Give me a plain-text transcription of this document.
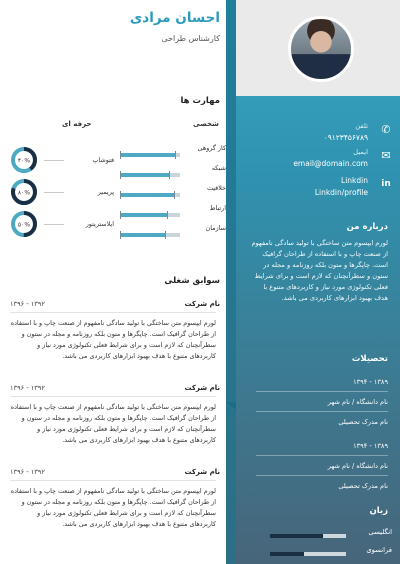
✆
تلفن
۰۹۱۲۳۴۵۶۷۸۹
✉
ایمیل
email@domain.com
in
Linkdin
Linkdin/profile
درباره من
لورم ایپسوم متن ساختگی با تولید سادگی نامفهوم از صنعت چاپ و با استفاده از طراحان گرافیک است. چاپگرها و متون بلکه روزنامه و مجله در ستون و سطرآنچنان که لازم است و برای شرایط فعلی تکنولوژی مورد نیاز و کاربردهای متنوع با هدف بهبود ابزارهای کاربردی می باشد.
تحصیلات
۱۳۹۴ - ۱۳۸۹
نام دانشگاه / نام شهر
نام مدرک تحصیلی
۱۳۹۴ - ۱۳۸۹
نام دانشگاه / نام شهر
نام مدرک تحصیلی
زبان
انگلیسی
فرانسوی
احسان مرادی
کارشناس طراحی
مهارت ها
شخصی
حرفه ای
کار گروهی
شبکه
خلاقیت
ارتباط
سازمان
۴۰%	فتوشاپ
۸۰%	پریمیر
۵۰%	ایلاستریتور
سوابق شغلی
نام شرکت
۱۳۹۶ - ۱۳۹۲
لورم ایپسوم متن ساختگی با تولید سادگی نامفهوم از صنعت چاپ و با استفاده از طراحان گرافیک است. چاپگرها و متون بلکه روزنامه و مجله در ستون و سطرآنچنان که لازم است و برای شرایط فعلی تکنولوژی مورد نیاز و کاربردهای متنوع با هدف بهبود ابزارهای کاربردی می باشد.
نام شرکت
۱۳۹۶ - ۱۳۹۲
لورم ایپسوم متن ساختگی با تولید سادگی نامفهوم از صنعت چاپ و با استفاده از طراحان گرافیک است. چاپگرها و متون بلکه روزنامه و مجله در ستون و سطرآنچنان که لازم است و برای شرایط فعلی تکنولوژی مورد نیاز و کاربردهای متنوع با هدف بهبود ابزارهای کاربردی می باشد.
نام شرکت
۱۳۹۶ - ۱۳۹۲
لورم ایپسوم متن ساختگی با تولید سادگی نامفهوم از صنعت چاپ و با استفاده از طراحان گرافیک است. چاپگرها و متون بلکه روزنامه و مجله در ستون و سطرآنچنان که لازم است و برای شرایط فعلی تکنولوژی مورد نیاز و کاربردهای متنوع با هدف بهبود ابزارهای کاربردی می باشد.
